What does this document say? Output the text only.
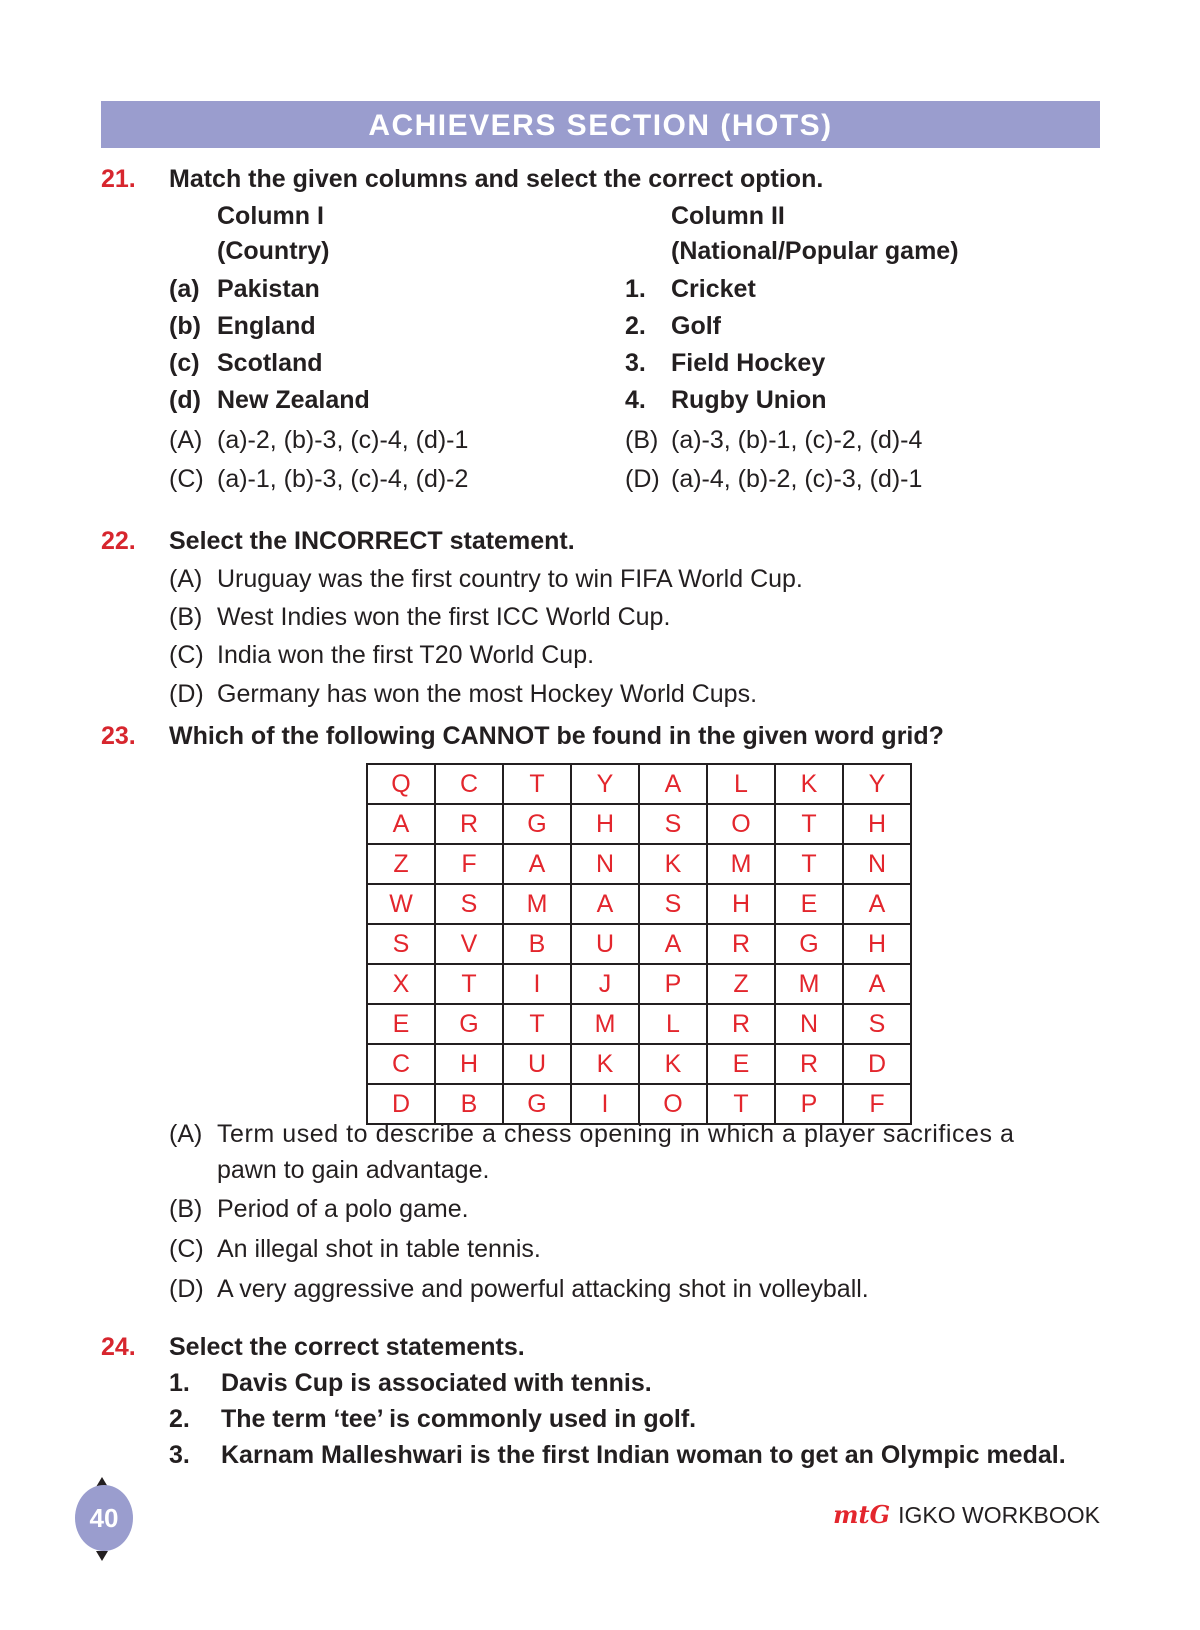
ACHIEVERS SECTION (HOTS)
21. Match the given columns and select the correct option.
Column I
(Country)
Column II
(National/Popular game)
(a) Pakistan	1. Cricket
(b) England	2. Golf
(c) Scotland	3. Field Hockey
(d) New Zealand	4. Rugby Union
(A) (a)-2, (b)-3, (c)-4, (d)-1	(B) (a)-3, (b)-1, (c)-2, (d)-4
(C) (a)-1, (b)-3, (c)-4, (d)-2	(D) (a)-4, (b)-2, (c)-3, (d)-1
22. Select the INCORRECT statement.
(A) Uruguay was the first country to win FIFA World Cup.
(B) West Indies won the first ICC World Cup.
(C) India won the first T20 World Cup.
(D) Germany has won the most Hockey World Cups.
23. Which of the following CANNOT be found in the given word grid?
Q	C	T	Y	A	L	K	Y
A	R	G	H	S	O	T	H
Z	F	A	N	K	M	T	N
W	S	M	A	S	H	E	A
S	V	B	U	A	R	G	H
X	T	I	J	P	Z	M	A
E	G	T	M	L	R	N	S
C	H	U	K	K	E	R	D
D	B	G	I	O	T	P	F
(A) Term used to describe a chess opening in which a player sacrifices a
pawn to gain advantage.
(B) Period of a polo game.
(C) An illegal shot in table tennis.
(D) A very aggressive and powerful attacking shot in volleyball.
24. Select the correct statements.
1. Davis Cup is associated with tennis.
2. The term ‘tee’ is commonly used in golf.
3. Karnam Malleshwari is the first Indian woman to get an Olympic medal.
40	mtG IGKO WORKBOOK
